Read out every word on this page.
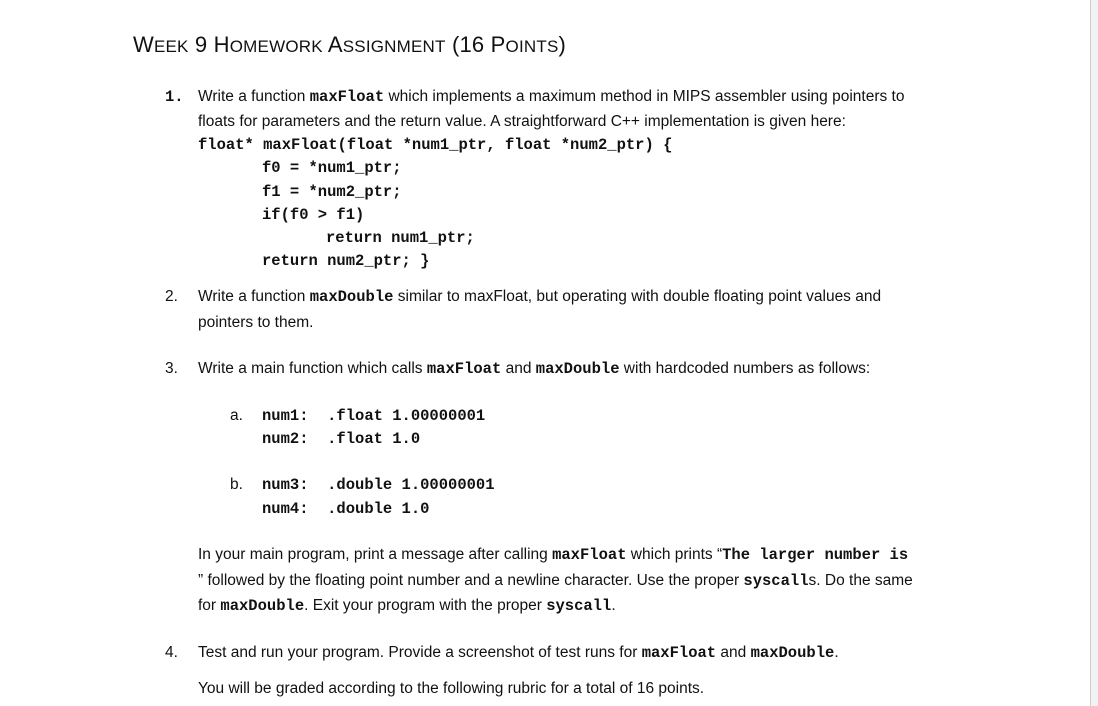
WEEK 9 HOMEWORK ASSIGNMENT (16 POINTS)
1. Write a function maxFloat which implements a maximum method in MIPS assembler using pointers to
floats for parameters and the return value. A straightforward C++ implementation is given here:
float* maxFloat(float *num1_ptr, float *num2_ptr) {
f0 = *num1_ptr;
f1 = *num2_ptr;
if(f0 > f1)
return num1_ptr;
return num2_ptr; }
2. Write a function maxDouble similar to maxFloat, but operating with double floating point values and
pointers to them.
3. Write a main function which calls maxFloat and maxDouble with hardcoded numbers as follows:
a. num1:  .float 1.00000001
num2:  .float 1.0
b. num3:  .double 1.00000001
num4:  .double 1.0
In your main program, print a message after calling maxFloat which prints “The larger number is
” followed by the floating point number and a newline character. Use the proper syscalls. Do the same
for maxDouble. Exit your program with the proper syscall.
4. Test and run your program. Provide a screenshot of test runs for maxFloat and maxDouble.
You will be graded according to the following rubric for a total of 16 points.
